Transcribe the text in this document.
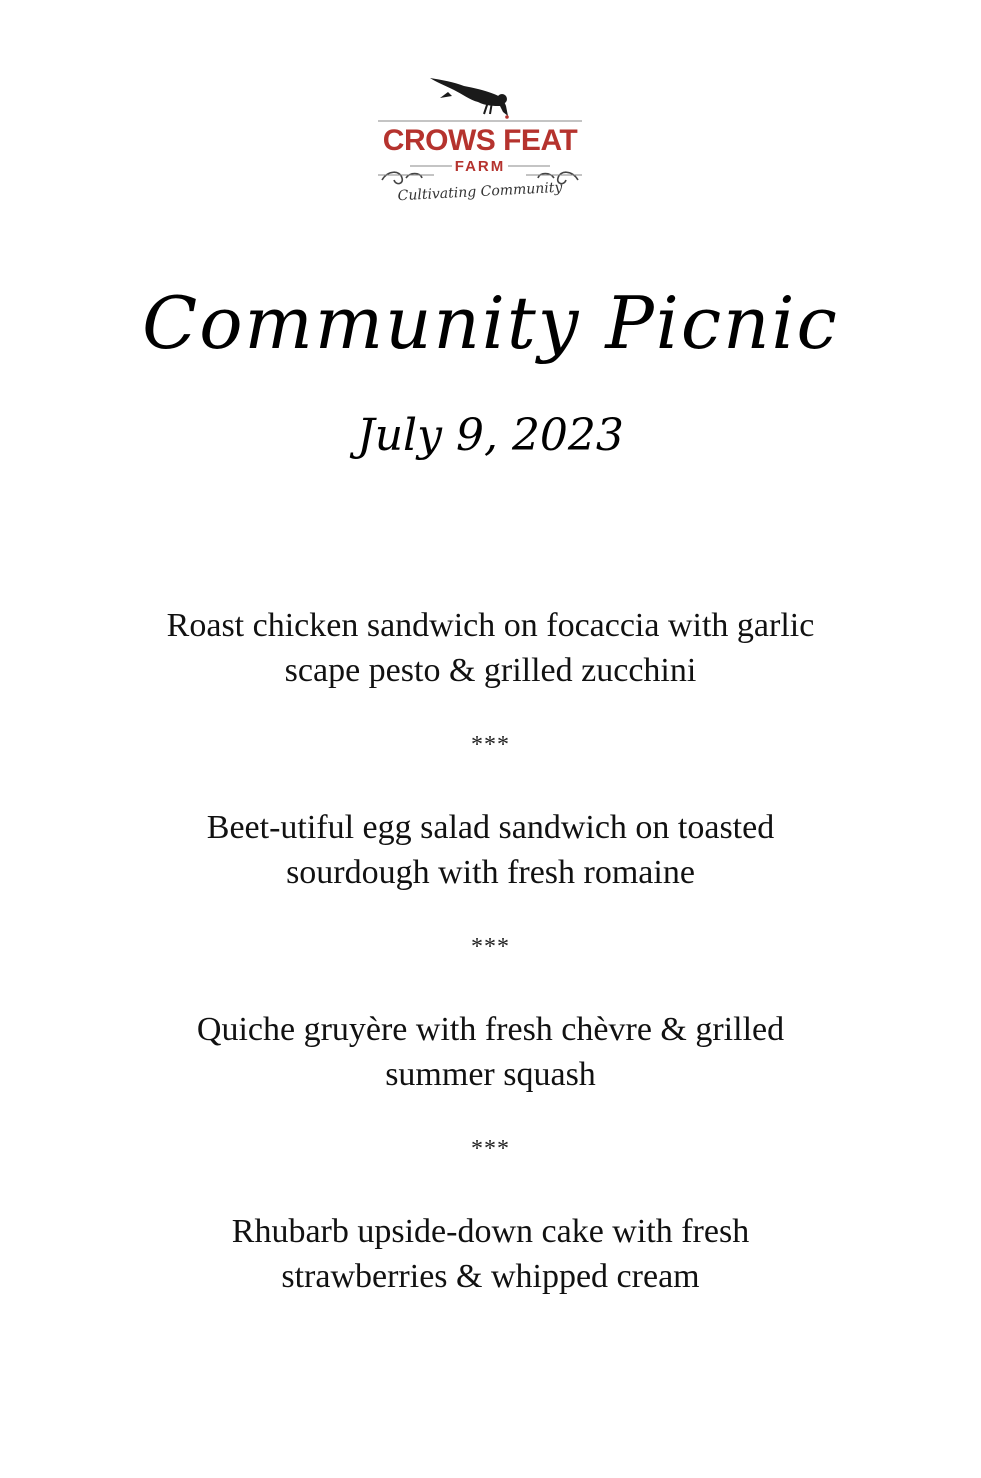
CROWS FEAT
FARM
Cultivating Community
Community Picnic
July 9, 2023

Roast chicken sandwich on focaccia with garlic
scape pesto & grilled zucchini

***

Beet-utiful egg salad sandwich on toasted
sourdough with fresh romaine

***

Quiche gruyère with fresh chèvre & grilled
summer squash

***

Rhubarb upside-down cake with fresh
strawberries & whipped cream
